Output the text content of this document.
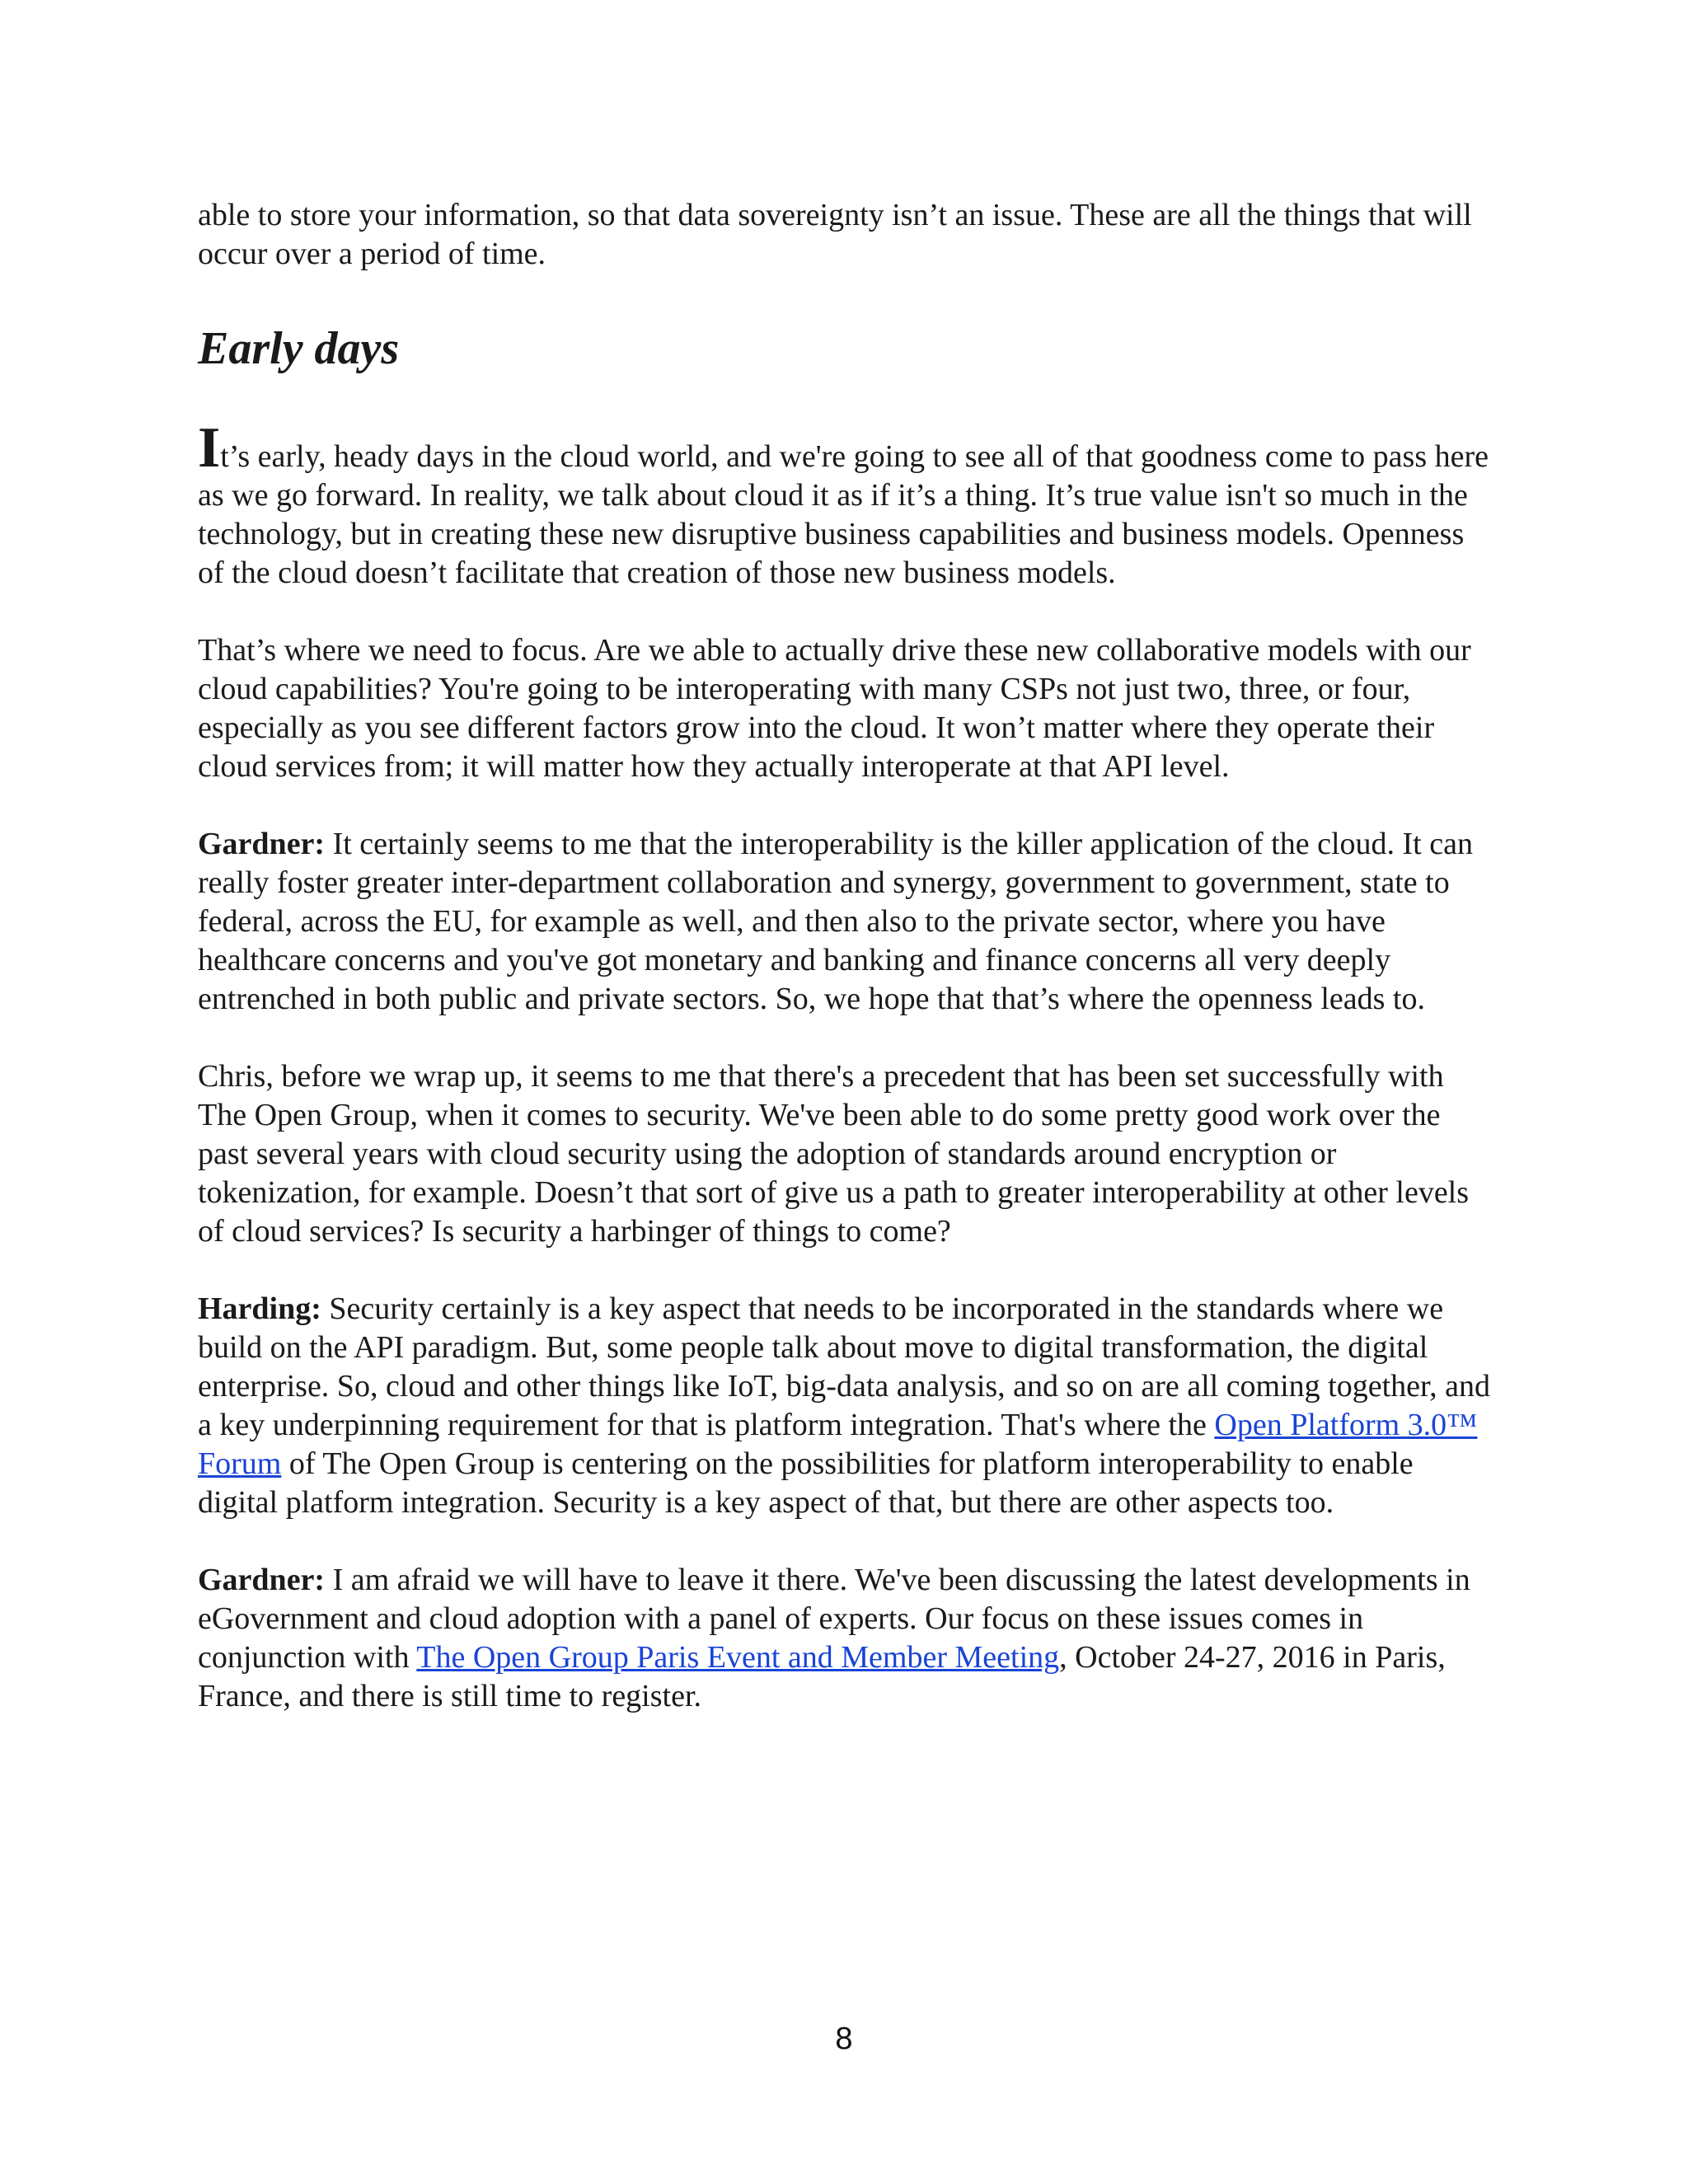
able to store your information, so that data sovereignty isn’t an issue. These are all the things that will occur over a period of time.

Early days

It’s early, heady days in the cloud world, and we're going to see all of that goodness come to pass here as we go forward. In reality, we talk about cloud it as if it’s a thing. It’s true value isn't so much in the technology, but in creating these new disruptive business capabilities and business models. Openness of the cloud doesn’t facilitate that creation of those new business models.

That’s where we need to focus. Are we able to actually drive these new collaborative models with our cloud capabilities? You're going to be interoperating with many CSPs not just two, three, or four, especially as you see different factors grow into the cloud. It won’t matter where they operate their cloud services from; it will matter how they actually interoperate at that API level.

Gardner: It certainly seems to me that the interoperability is the killer application of the cloud. It can really foster greater inter-department collaboration and synergy, government to government, state to federal, across the EU, for example as well, and then also to the private sector, where you have healthcare concerns and you've got monetary and banking and finance concerns all very deeply entrenched in both public and private sectors. So, we hope that that’s where the openness leads to.

Chris, before we wrap up, it seems to me that there's a precedent that has been set successfully with The Open Group, when it comes to security. We've been able to do some pretty good work over the past several years with cloud security using the adoption of standards around encryption or tokenization, for example. Doesn’t that sort of give us a path to greater interoperability at other levels of cloud services? Is security a harbinger of things to come?

Harding: Security certainly is a key aspect that needs to be incorporated in the standards where we build on the API paradigm. But, some people talk about move to digital transformation, the digital enterprise. So, cloud and other things like IoT, big-data analysis, and so on are all coming together, and a key underpinning requirement for that is platform integration. That's where the Open Platform 3.0™ Forum of The Open Group is centering on the possibilities for platform interoperability to enable digital platform integration. Security is a key aspect of that, but there are other aspects too.

Gardner: I am afraid we will have to leave it there. We've been discussing the latest developments in eGovernment and cloud adoption with a panel of experts. Our focus on these issues comes in conjunction with The Open Group Paris Event and Member Meeting, October 24-27, 2016 in Paris, France, and there is still time to register.

8
